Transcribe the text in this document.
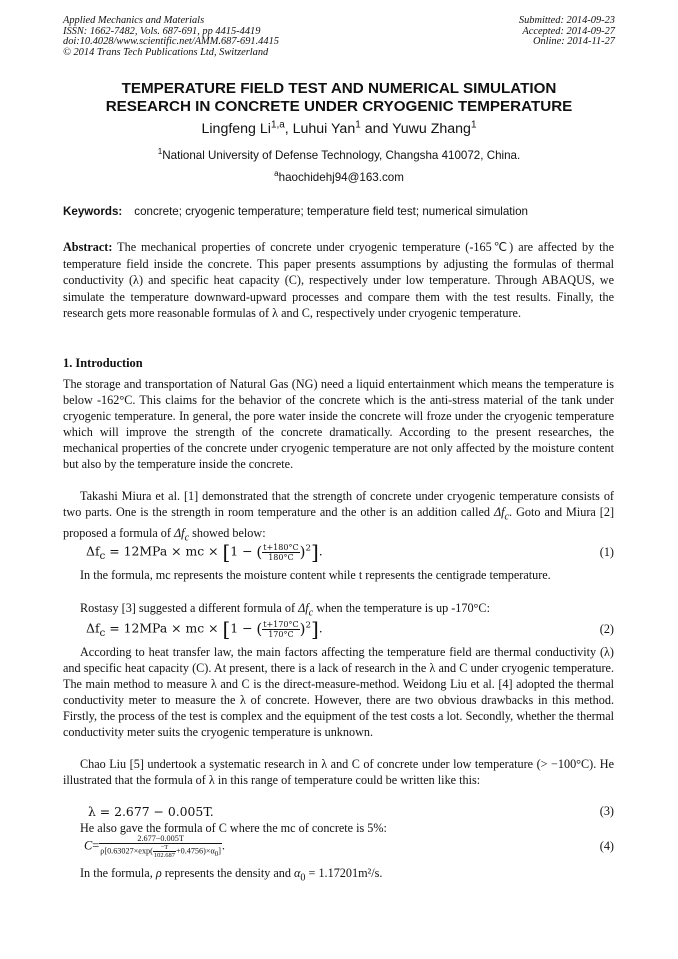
Applied Mechanics and Materials
ISSN: 1662-7482, Vols. 687-691, pp 4415-4419
doi:10.4028/www.scientific.net/AMM.687-691.4415
© 2014 Trans Tech Publications Ltd, Switzerland
Submitted: 2014-09-23
Accepted: 2014-09-27
Online: 2014-11-27
TEMPERATURE FIELD TEST AND NUMERICAL SIMULATION
RESEARCH IN CONCRETE UNDER CRYOGENIC TEMPERATURE
Lingfeng Li$^{1,a}$, Luhui Yan$^1$ and Yuwu Zhang$^1$
$^1$National University of Defense Technology, Changsha 410072, China.
$^a$haochidehj94@163.com
Keywords: concrete; cryogenic temperature; temperature field test; numerical simulation
Abstract: The mechanical properties of concrete under cryogenic temperature (-165℃) are affected by the temperature field inside the concrete. This paper presents assumptions by adjusting the formulas of thermal conductivity (λ) and specific heat capacity (C), respectively under low temperature. Through ABAQUS, we simulate the temperature downward-upward processes and compare them with the test results. Finally, the research gets more reasonable formulas of λ and C, respectively under cryogenic temperature.
1. Introduction
The storage and transportation of Natural Gas (NG) need a liquid entertainment which means the temperature is below -162°C. This claims for the behavior of the concrete which is the anti-stress material of the tank under cryogenic temperature. In general, the pore water inside the concrete will froze under the cryogenic temperature which will improve the strength of the concrete dramatically. According to the present researches, the mechanical properties of the concrete under cryogenic temperature are not only affected by the moisture content but also by the temperature inside the concrete.
Takashi Miura et al. [1] demonstrated that the strength of concrete under cryogenic temperature consists of two parts. One is the strength in room temperature and the other is an addition called $\Delta f_c$. Goto and Miura [2] proposed a formula of $\Delta f_c$ showed below:
$\Delta f_c = 12MPa$ × mc × [1 − ( $\frac{t+180^\circ C}{180^\circ C} )^2$].	(1)
In the formula, mc represents the moisture content while t represents the centigrade temperature.
Rostasy [3] suggested a different formula of $\Delta f_c$ when the temperature is up -170°C:
$\Delta f_c = 12MPa$ × mc × [1 − ( $\frac{t+170^\circ C}{170^\circ C} )^2$].	(2)
According to heat transfer law, the main factors affecting the temperature field are thermal conductivity (λ) and specific heat capacity (C). At present, there is a lack of research in the λ and C under cryogenic temperature. The main method to measure λ and C is the direct-measure-method. Weidong Liu et al. [4] adopted the thermal conductivity meter to measure the λ of concrete. However, there are two obvious drawbacks in this method. Firstly, the process of the test is complex and the equipment of the test costs a lot. Secondly, whether the thermal conductivity meter suits the cryogenic temperature is unknown.
Chao Liu [5] undertook a systematic research in λ and C of concrete under low temperature (> −100°C). He illustrated that the formula of λ in this range of temperature could be written like this:
λ = 2.677 − 0.005T.	(3)
He also gave the formula of C where the mc of concrete is 5%:
$C= \frac{2.677-0.005T}{\rho[0.63027\times\exp( \frac{-T}{102.687} +0.4756)\times\alpha_0]}$ .	(4)
In the formula, ρ represents the density and $\alpha_0 = 1.17201m^2/s$.
